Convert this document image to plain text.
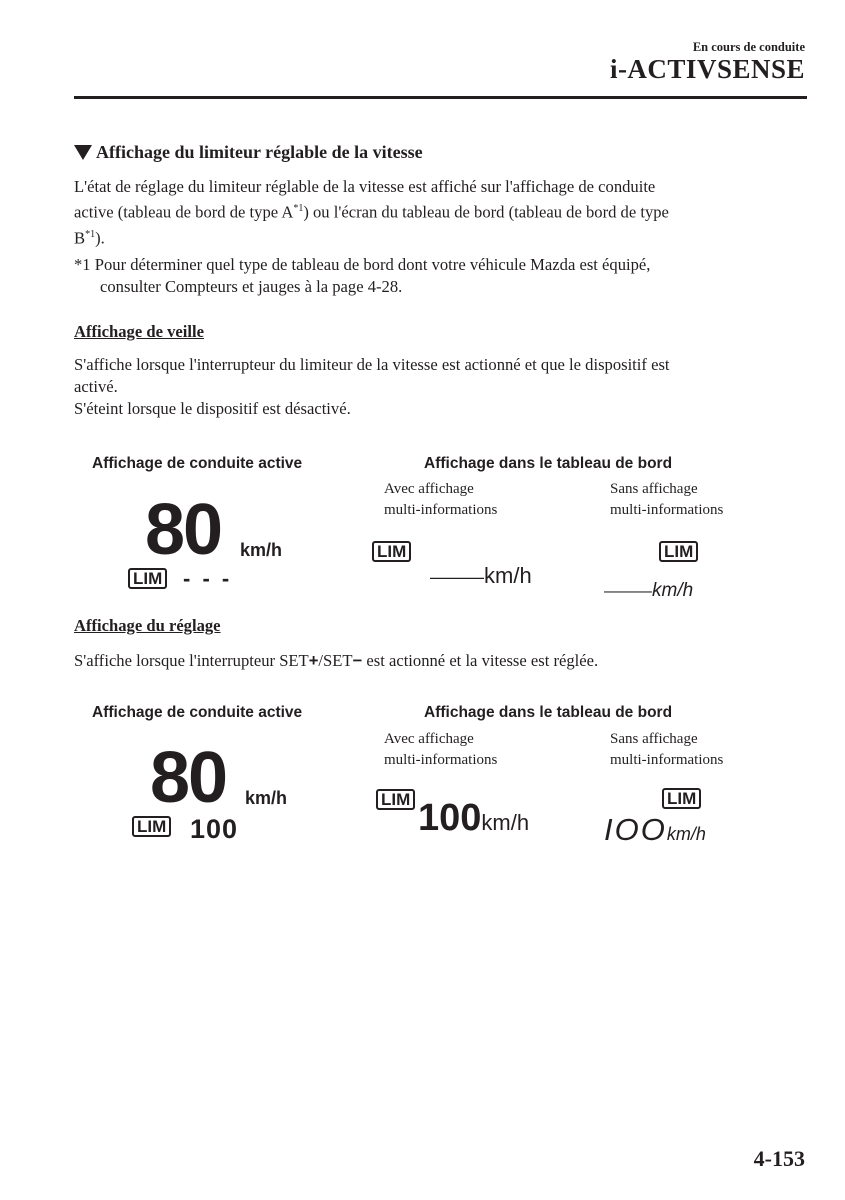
En cours de conduite
i-ACTIVSENSE
Affichage du limiteur réglable de la vitesse
L'état de réglage du limiteur réglable de la vitesse est affiché sur l'affichage de conduite
active (tableau de bord de type $A^{*1}$) ou l'écran du tableau de bord (tableau de bord de type
$B^{*1}$).
*1 Pour déterminer quel type de tableau de bord dont votre véhicule Mazda est équipé,
consulter Compteurs et jauges à la page 4-28.
Affichage de veille
S'affiche lorsque l'interrupteur du limiteur de la vitesse est actionné et que le dispositif est
activé.
S'éteint lorsque le dispositif est désactivé.
Affichage de conduite active	Affichage dans le tableau de bord
Avec affichage
multi-informations
Sans affichage
multi-informations
80 km/h
LIM - - -
LIM
———km/h
LIM
———km/h
Affichage du réglage
S'affiche lorsque l'interrupteur SET+/SET− est actionné et la vitesse est réglée.
Affichage de conduite active	Affichage dans le tableau de bord
Avec affichage
multi-informations
Sans affichage
multi-informations
80 km/h
LIM 100
LIM 100km/h
LIM
IOOkm/h
4-153
